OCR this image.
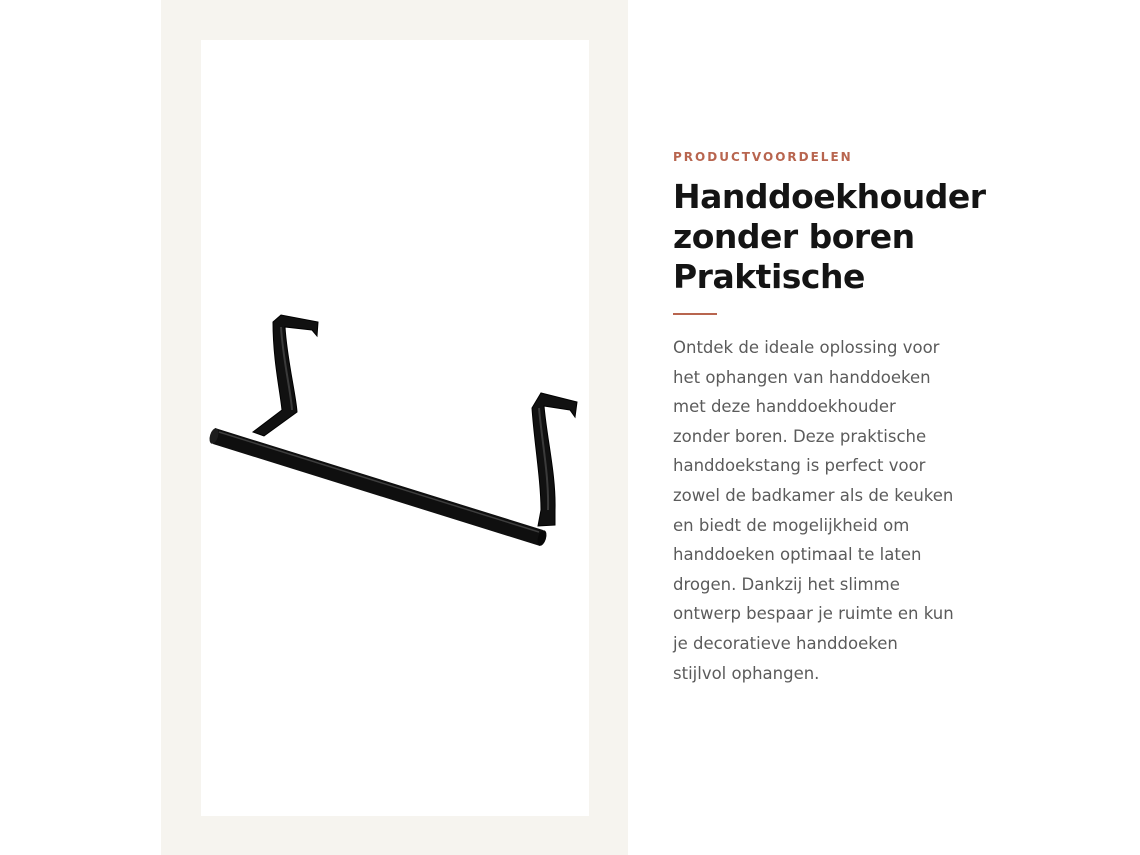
PRODUCTVOORDELEN
Handdoekhouder
zonder boren
Praktische

Ontdek de ideale oplossing voor
het ophangen van handdoeken
met deze handdoekhouder
zonder boren. Deze praktische
handdoekstang is perfect voor
zowel de badkamer als de keuken
en biedt de mogelijkheid om
handdoeken optimaal te laten
drogen. Dankzij het slimme
ontwerp bespaar je ruimte en kun
je decoratieve handdoeken
stijlvol ophangen.
